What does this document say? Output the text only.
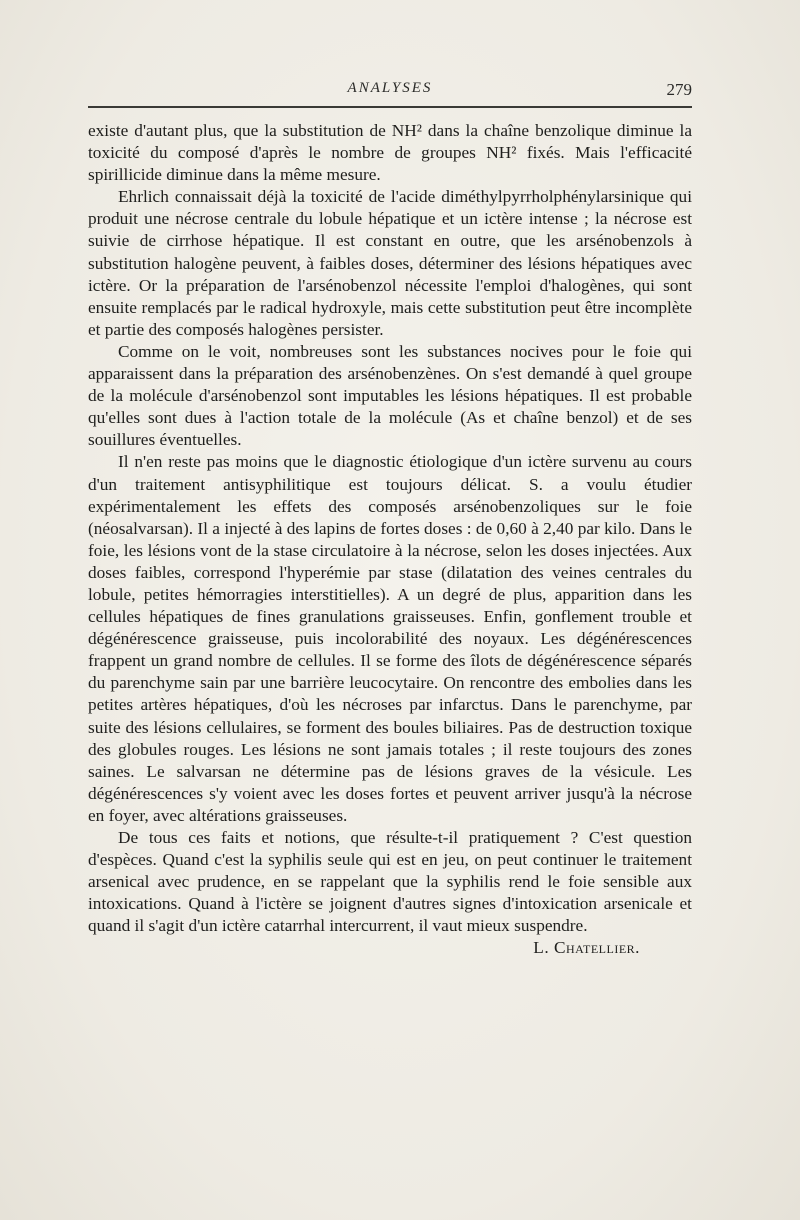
ANALYSES	279

existe d'autant plus, que la substitution de NH² dans la chaîne benzolique diminue la toxicité du composé d'après le nombre de groupes NH² fixés. Mais l'efficacité spirillicide diminue dans la même mesure.

Ehrlich connaissait déjà la toxicité de l'acide diméthylpyrrholphénylarsinique qui produit une nécrose centrale du lobule hépatique et un ictère intense ; la nécrose est suivie de cirrhose hépatique. Il est constant en outre, que les arsénobenzols à substitution halogène peuvent, à faibles doses, déterminer des lésions hépatiques avec ictère. Or la préparation de l'arsénobenzol nécessite l'emploi d'halogènes, qui sont ensuite remplacés par le radical hydroxyle, mais cette substitution peut être incomplète et partie des composés halogènes persister.

Comme on le voit, nombreuses sont les substances nocives pour le foie qui apparaissent dans la préparation des arsénobenzènes. On s'est demandé à quel groupe de la molécule d'arsénobenzol sont imputables les lésions hépatiques. Il est probable qu'elles sont dues à l'action totale de la molécule (As et chaîne benzol) et de ses souillures éventuelles.

Il n'en reste pas moins que le diagnostic étiologique d'un ictère survenu au cours d'un traitement antisyphilitique est toujours délicat. S. a voulu étudier expérimentalement les effets des composés arsénobenzoliques sur le foie (néosalvarsan). Il a injecté à des lapins de fortes doses : de 0,60 à 2,40 par kilo. Dans le foie, les lésions vont de la stase circulatoire à la nécrose, selon les doses injectées. Aux doses faibles, correspond l'hyperémie par stase (dilatation des veines centrales du lobule, petites hémorragies interstitielles). A un degré de plus, apparition dans les cellules hépatiques de fines granulations graisseuses. Enfin, gonflement trouble et dégénérescence graisseuse, puis incolorabilité des noyaux. Les dégénérescences frappent un grand nombre de cellules. Il se forme des îlots de dégénérescence séparés du parenchyme sain par une barrière leucocytaire. On rencontre des embolies dans les petites artères hépatiques, d'où les nécroses par infarctus. Dans le parenchyme, par suite des lésions cellulaires, se forment des boules biliaires. Pas de destruction toxique des globules rouges. Les lésions ne sont jamais totales ; il reste toujours des zones saines. Le salvarsan ne détermine pas de lésions graves de la vésicule. Les dégénérescences s'y voient avec les doses fortes et peuvent arriver jusqu'à la nécrose en foyer, avec altérations graisseuses.

De tous ces faits et notions, que résulte-t-il pratiquement ? C'est question d'espèces. Quand c'est la syphilis seule qui est en jeu, on peut continuer le traitement arsenical avec prudence, en se rappelant que la syphilis rend le foie sensible aux intoxications. Quand à l'ictère se joignent d'autres signes d'intoxication arsenicale et quand il s'agit d'un ictère catarrhal intercurrent, il vaut mieux suspendre.

L. Chatellier.
